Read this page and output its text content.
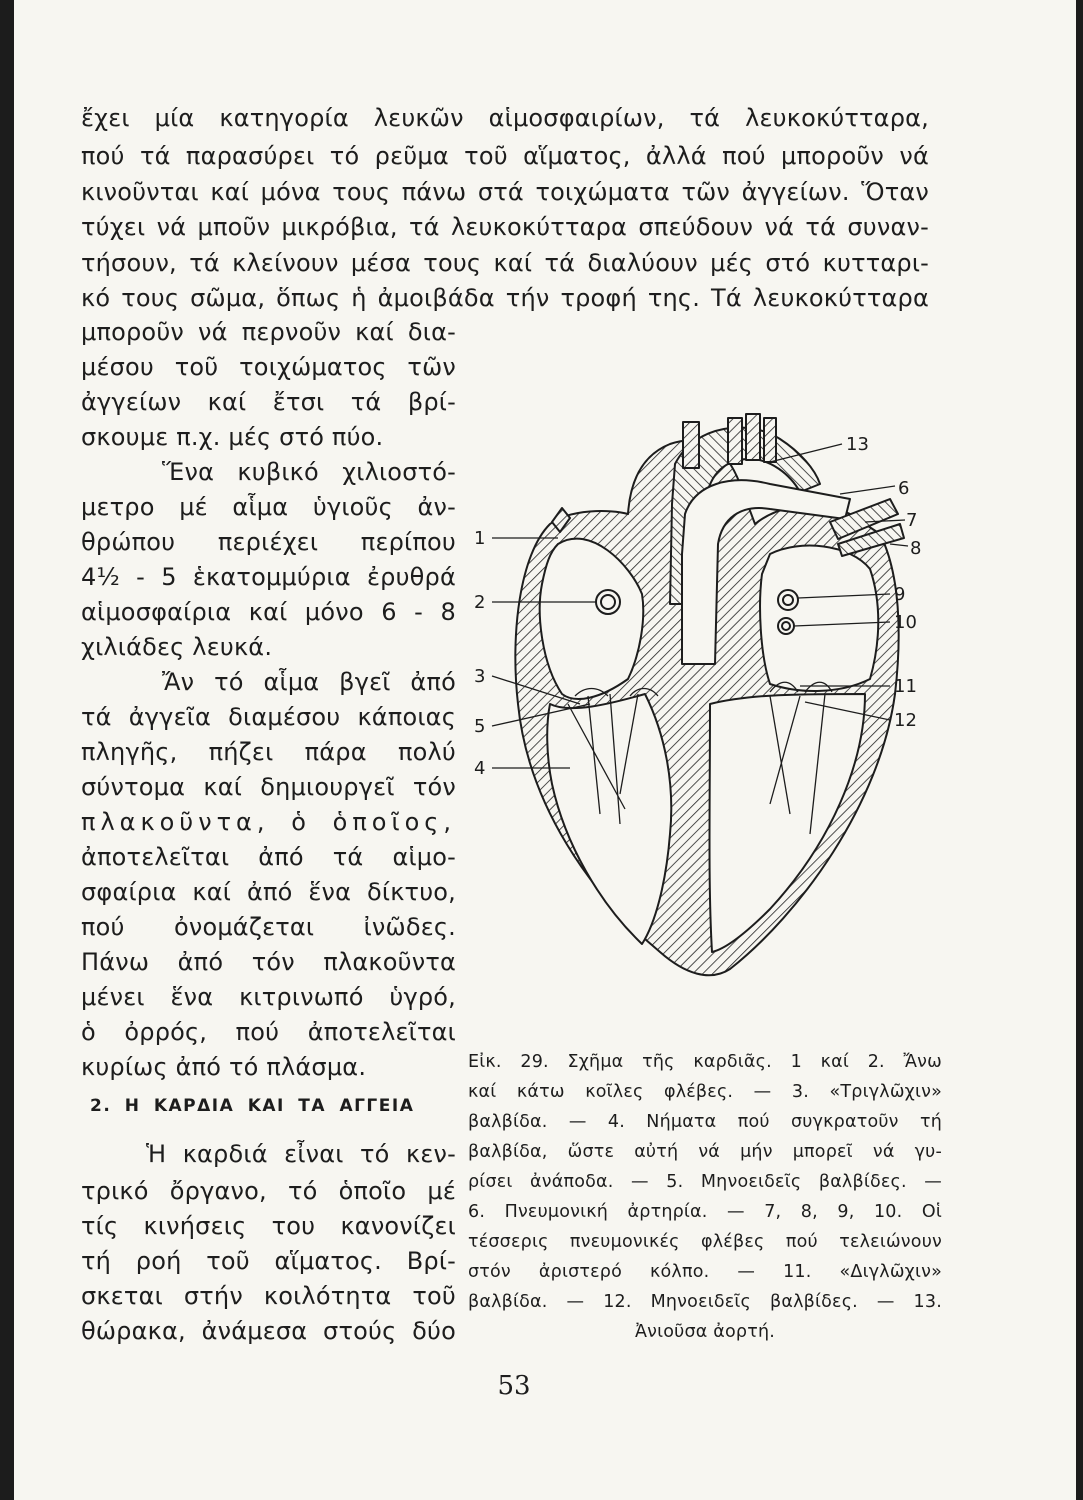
ἔχει μία κατηγορία λευκῶν αἱμοσφαιρίων, τά λευκοκύτταρα,

πού τά παρασύρει τό ρεῦμα τοῦ αἵματος, ἀλλά πού μποροῦν νά

κινοῦνται καί μόνα τους πάνω στά τοιχώματα τῶν ἀγγείων. Ὅταν

τύχει νά μποῦν μικρόβια, τά λευκοκύτταρα σπεύδουν νά τά συναν-

τήσουν, τά κλείνουν μέσα τους καί τά διαλύουν μές στό κυτταρι-

κό τους σῶμα, ὅπως ἡ ἀμοιβάδα τήν τροφή της. Τά λευκοκύτταρα

μποροῦν νά περνοῦν καί δια-

μέσου τοῦ τοιχώματος τῶν

ἀγγείων καί ἔτσι τά βρί-

σκουμε π.χ. μές στό πύο.

Ἕνα κυβικό χιλιοστό-

μετρο μέ αἷμα ὑγιοῦς ἀν-

θρώπου περιέχει περίπου

4½ - 5 ἑκατομμύρια ἐρυθρά

αἱμοσφαίρια καί μόνο 6 - 8

χιλιάδες λευκά.

Ἄν τό αἷμα βγεῖ ἀπό

τά ἀγγεῖα διαμέσου κάποιας

πληγῆς, πήζει πάρα πολύ

σύντομα καί δημιουργεῖ τόν

πλακοῦντα, ὁ ὁποῖος,

ἀποτελεῖται ἀπό τά αἱμο-

σφαίρια καί ἀπό ἕνα δίκτυο,

πού ὀνομάζεται ἰνῶδες.

Πάνω ἀπό τόν πλακοῦντα

μένει ἕνα κιτρινωπό ὑγρό,

ὁ ὀρρός, πού ἀποτελεῖται

κυρίως ἀπό τό πλάσμα.

2. Η ΚΑΡΔΙΑ ΚΑΙ ΤΑ ΑΓΓΕΙΑ

Ἡ καρδιά εἶναι τό κεν-

τρικό ὄργανο, τό ὁποῖο μέ

τίς κινήσεις του κανονίζει

τή ροή τοῦ αἵματος. Βρί-

σκεται στήν κοιλότητα τοῦ

θώρακα, ἀνάμεσα στούς δύο

1
2
3
5
4
13
6
7
8
9
10
11
12

Εἰκ. 29. Σχῆμα τῆς καρδιᾶς. 1 καί 2. Ἄνω

καί κάτω κοῖλες φλέβες. — 3. «Τριγλῶχιν»

βαλβίδα. — 4. Νήματα πού συγκρατοῦν τή

βαλβίδα, ὥστε αὐτή νά μήν μπορεῖ νά γυ-

ρίσει ἀνάποδα. — 5. Μηνοειδεῖς βαλβίδες. —

6. Πνευμονική ἀρτηρία. — 7, 8, 9, 10. Οἱ

τέσσερις πνευμονικές φλέβες πού τελειώνουν

στόν ἀριστερό κόλπο. — 11. «Διγλῶχιν»

βαλβίδα. — 12. Μηνοειδεῖς βαλβίδες. — 13.

Ἀνιοῦσα ἀορτή.

53
